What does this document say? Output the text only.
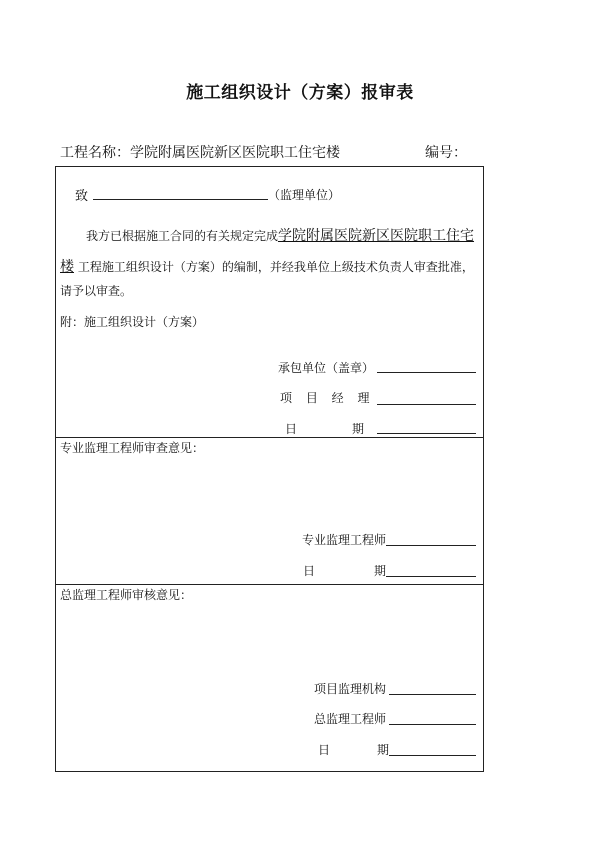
施工组织设计（方案）报审表
工程名称：学院附属医院新区医院职工住宅楼	编号：
致	（监理单位）
我方已根据施工合同的有关规定完成学院附属医院新区医院职工住宅
楼 工程施工组织设计（方案）的编制，并经我单位上级技术负责人审查批准，
请予以审查。
附：施工组织设计（方案）
承包单位（盖章）
项 目 经 理
日	期
专业监理工程师审查意见：
专业监理工程师
日	期
总监理工程师审核意见：
项目监理机构
总监理工程师
日	期
